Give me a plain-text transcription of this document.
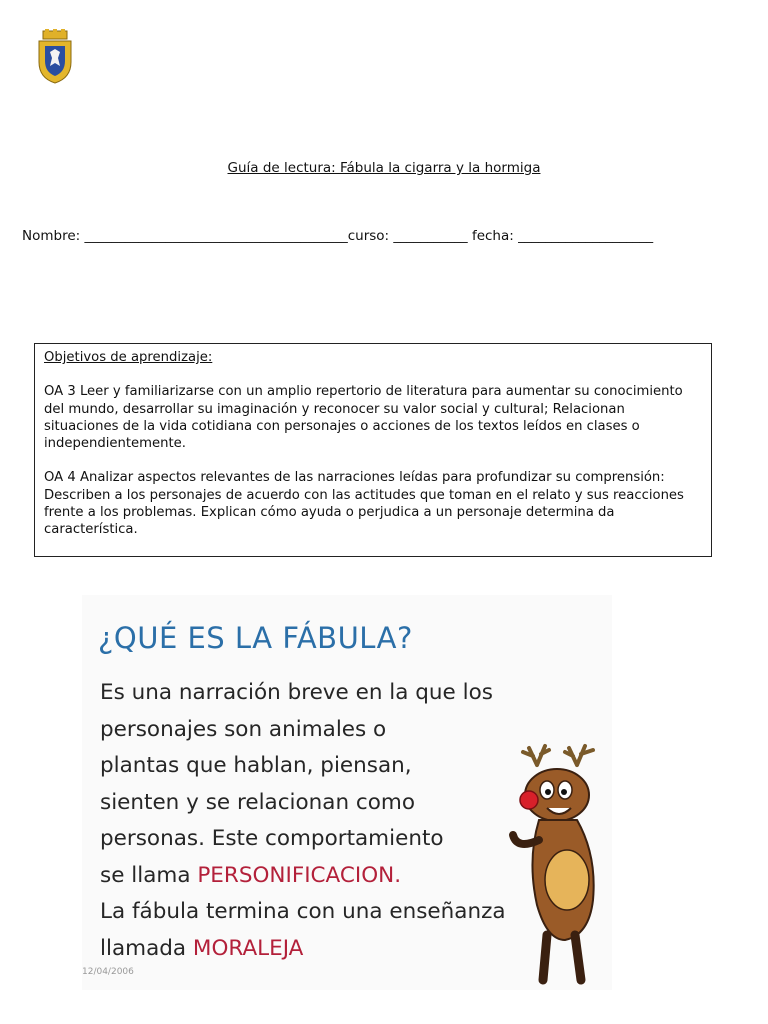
Guía de lectura: Fábula la cigarra y la hormiga
Nombre: _______________________________________curso: ___________ fecha: ____________________

Objetivos de aprendizaje:

OA 3 Leer y familiarizarse con un amplio repertorio de literatura para aumentar su conocimiento del mundo, desarrollar su imaginación y reconocer su valor social y cultural; Relacionan situaciones de la vida cotidiana con personajes o acciones de los textos leídos en clases o independientemente.

OA 4 Analizar aspectos relevantes de las narraciones leídas para profundizar su comprensión: Describen a los personajes de acuerdo con las actitudes que toman en el relato y sus reacciones frente a los problemas. Explican cómo ayuda o perjudica a un personaje determina da característica.

¿QUÉ ES LA FÁBULA?
Es una narración breve en la que los
personajes son animales o
plantas que hablan, piensan,
sienten y se relacionan como
personas. Este comportamiento
se llama PERSONIFICACION.
La fábula termina con una enseñanza
llamada MORALEJA
12/04/2006
